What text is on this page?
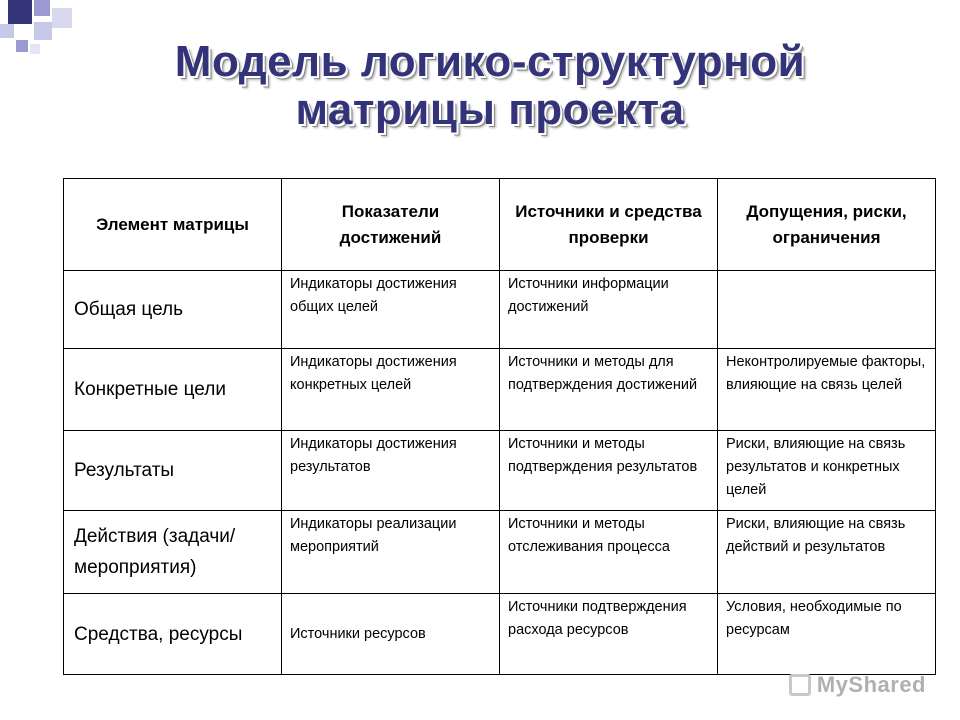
Модель логико-структурной
матрицы проекта
Элемент матрицы	Показатели достижений	Источники и средства проверки	Допущения, риски, ограничения
Общая цель	Индикаторы достижения общих целей	Источники информации достижений	
Конкретные цели	Индикаторы достижения конкретных целей	Источники и методы для подтверждения достижений	Неконтролируемые факторы, влияющие на связь целей
Результаты	Индикаторы достижения результатов	Источники и методы подтверждения результатов	Риски, влияющие на связь результатов и конкретных целей
Действия (задачи/ мероприятия)	Индикаторы реализации мероприятий	Источники и методы отслеживания процесса	Риски, влияющие на связь действий и результатов
Средства, ресурсы	Источники ресурсов	Источники подтверждения расхода ресурсов	Условия, необходимые по ресурсам
MyShared
